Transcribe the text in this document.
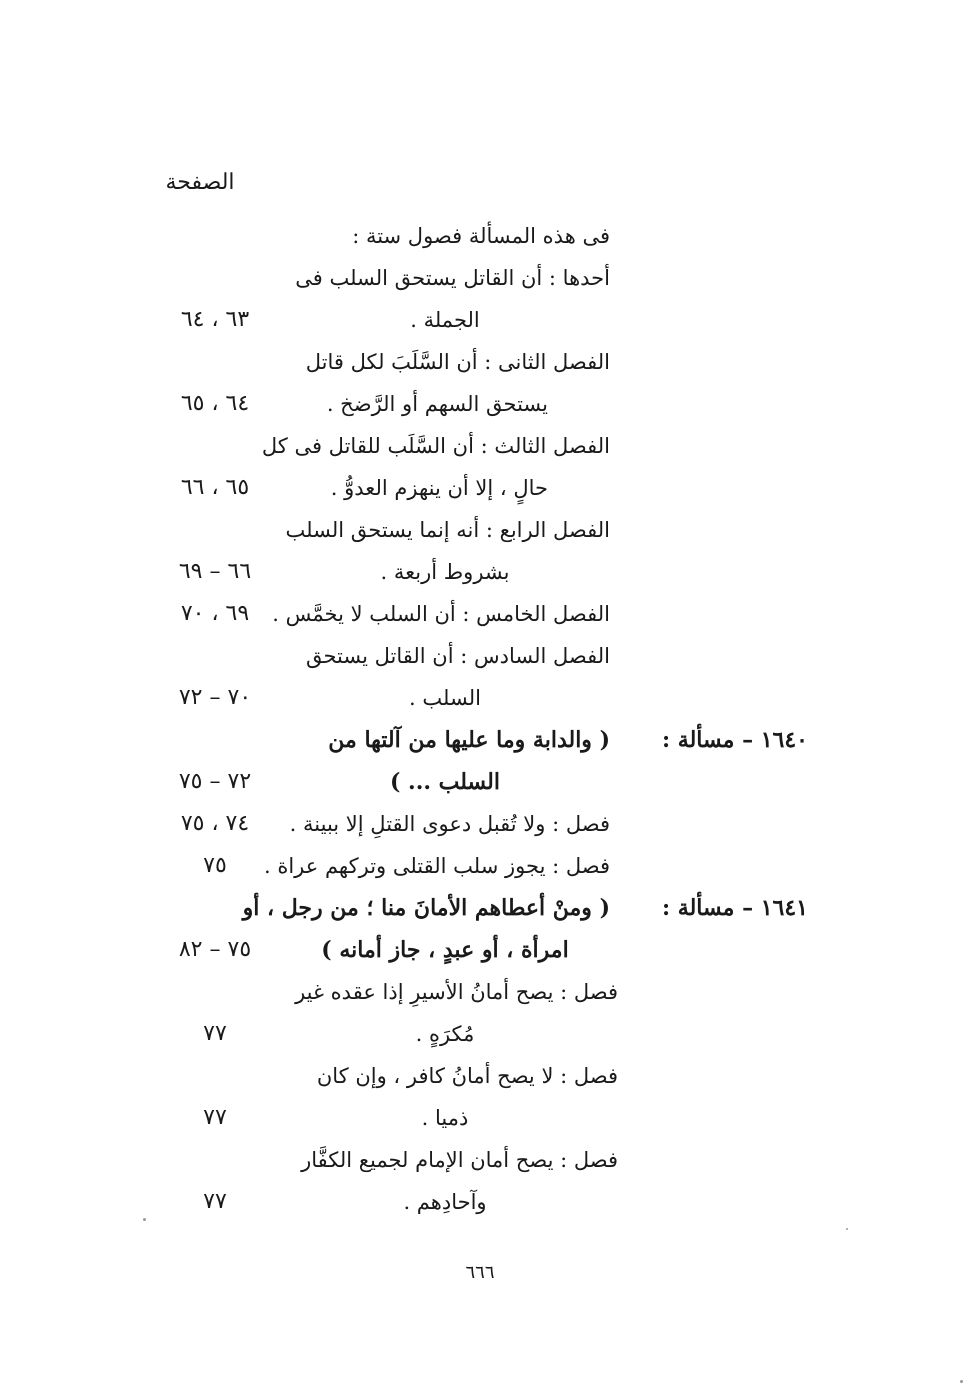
الصفحة
فى هذه المسألة فصول ستة :
أحدها : أن القاتل يستحق السلب فى
الجملة .
٦٣ ، ٦٤
الفصل الثانى : أن السَّلَبَ لكل قاتل
يستحق السهم أو الرَّضخ .
٦٤ ، ٦٥
الفصل الثالث : أن السَّلَب للقاتل فى كل
حالٍ ، إلا أن ينهزم العدوُّ .
٦٥ ، ٦٦
الفصل الرابع : أنه إنما يستحق السلب
بشروط أربعة .
٦٦ – ٦٩
الفصل الخامس : أن السلب لا يخمَّس .
٦٩ ، ٧٠
الفصل السادس : أن القاتل يستحق
السلب .
٧٠ – ٧٢
١٦٤٠ – مسألة :
( والدابة وما عليها من آلتها من
السلب ... )
٧٢ – ٧٥
فصل : ولا تُقبل دعوى القتلِ إلا ببينة .
٧٤ ، ٧٥
فصل : يجوز سلب القتلى وتركهم عراة .
٧٥
١٦٤١ – مسألة :
( ومنْ أعطاهم الأمانَ منا ؛ من رجل ، أو
امرأة ، أو عبدٍ ، جاز أمانه )
٧٥ – ٨٢
فصل : يصح أمانُ الأسيرِ إذا عقده غير
مُكرَهٍ .
٧٧
فصل : لا يصح أمانُ كافر ، وإن كان
ذميا .
٧٧
فصل : يصح أمان الإمام لجميع الكفَّار
وآحادِهم .
٧٧
٦٦٦
